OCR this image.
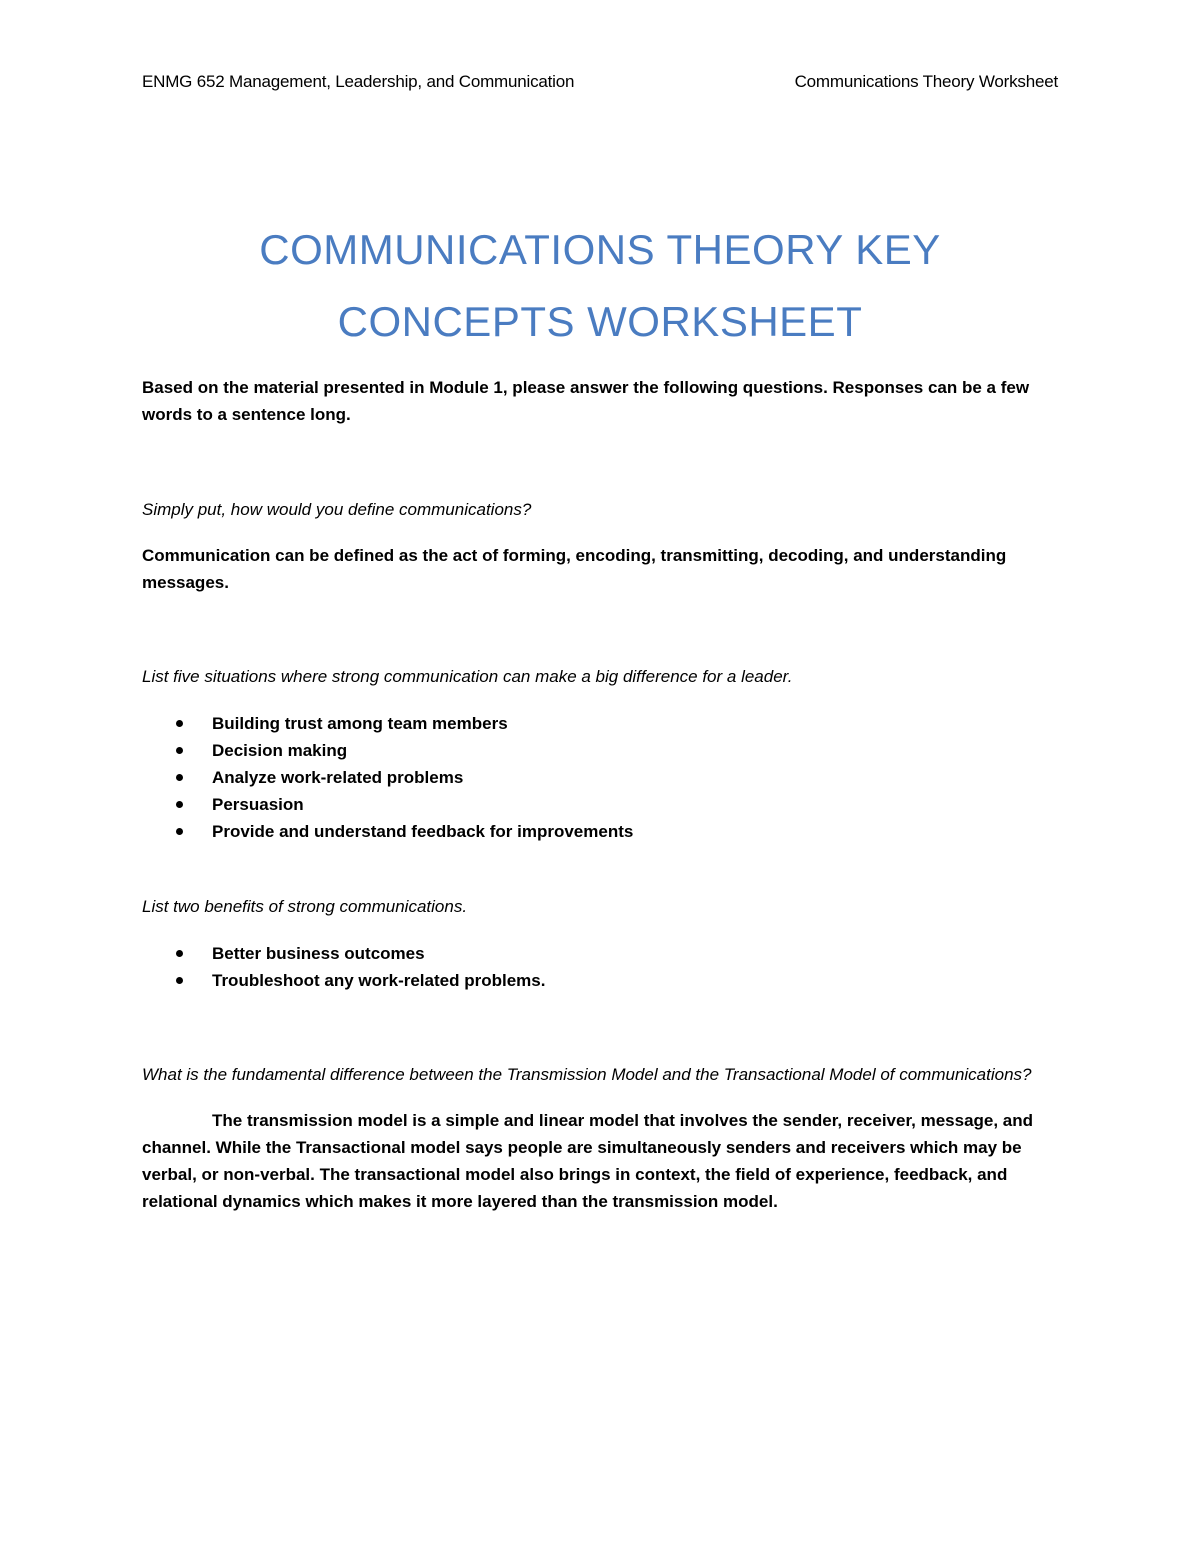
ENMG 652 Management, Leadership, and Communication	Communications Theory Worksheet
COMMUNICATIONS THEORY KEY
CONCEPTS WORKSHEET

Based on the material presented in Module 1, please answer the following questions. Responses can be a few words to a sentence long.

Simply put, how would you define communications?

Communication can be defined as the act of forming, encoding, transmitting, decoding, and understanding messages.

List five situations where strong communication can make a big difference for a leader.

Building trust among team members
Decision making
Analyze work-related problems
Persuasion
Provide and understand feedback for improvements

List two benefits of strong communications.

Better business outcomes
Troubleshoot any work-related problems.

What is the fundamental difference between the Transmission Model and the Transactional Model of communications?

The transmission model is a simple and linear model that involves the sender, receiver, message, and channel. While the Transactional model says people are simultaneously senders and receivers which may be verbal, or non-verbal. The transactional model also brings in context, the field of experience, feedback, and relational dynamics which makes it more layered than the transmission model.
